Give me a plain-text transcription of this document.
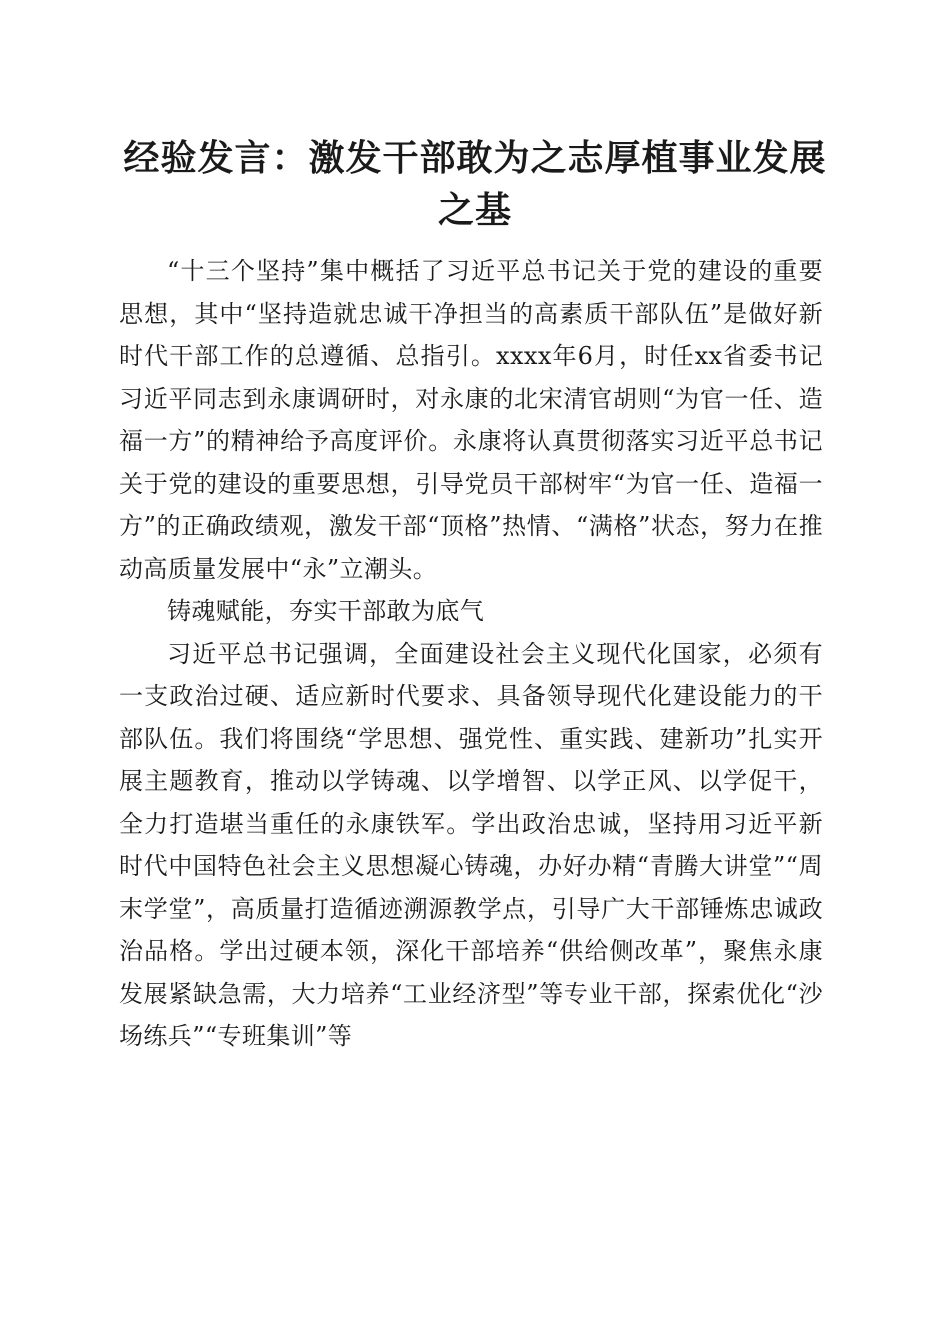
经验发言：激发干部敢为之志厚植事业发展之基

“十三个坚持”集中概括了习近平总书记关于党的建设的重要思想，其中“坚持造就忠诚干净担当的高素质干部队伍”是做好新时代干部工作的总遵循、总指引。xxxx年6月，时任xx省委书记习近平同志到永康调研时，对永康的北宋清官胡则“为官一任、造福一方”的精神给予高度评价。永康将认真贯彻落实习近平总书记关于党的建设的重要思想，引导党员干部树牢“为官一任、造福一方”的正确政绩观，激发干部“顶格”热情、“满格”状态，努力在推动高质量发展中“永”立潮头。

铸魂赋能，夯实干部敢为底气

习近平总书记强调，全面建设社会主义现代化国家，必须有一支政治过硬、适应新时代要求、具备领导现代化建设能力的干部队伍。我们将围绕“学思想、强党性、重实践、建新功”扎实开展主题教育，推动以学铸魂、以学增智、以学正风、以学促干，全力打造堪当重任的永康铁军。学出政治忠诚，坚持用习近平新时代中国特色社会主义思想凝心铸魂，办好办精“青腾大讲堂”“周末学堂”，高质量打造循迹溯源教学点，引导广大干部锤炼忠诚政治品格。学出过硬本领，深化干部培养“供给侧改革”，聚焦永康发展紧缺急需，大力培养“工业经济型”等专业干部，探索优化“沙场练兵”“专班集训”等
